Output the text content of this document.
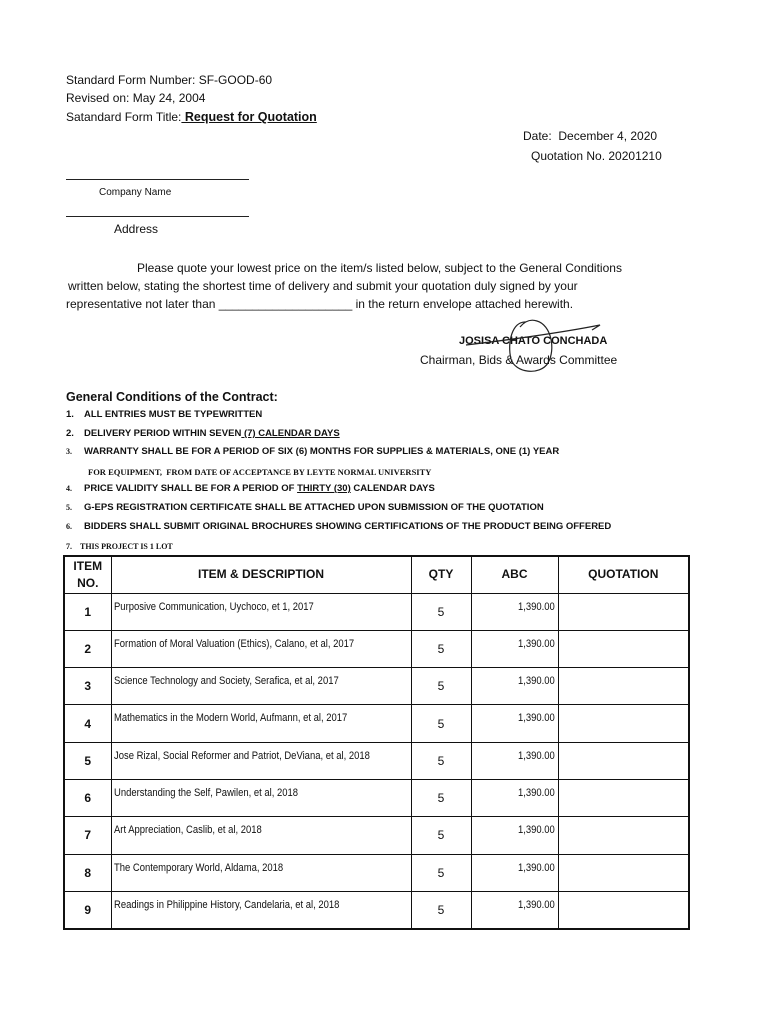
Standard Form Number: SF-GOOD-60
Revised on: May 24, 2004
Satandard Form Title: Request for Quotation
Date:  December 4, 2020
Quotation No. 20201210
Company Name
Address
Please quote your lowest price on the item/s listed below, subject to the General Conditions
written below, stating the shortest time of delivery and submit your quotation duly signed by your
representative not later than ____________________ in the return envelope attached herewith.
JOSISA CHATO CONCHADA
Chairman, Bids & Awards Committee
General Conditions of the Contract:
1. ALL ENTRIES MUST BE TYPEWRITTEN
2. DELIVERY PERIOD WITHIN SEVEN (7) CALENDAR DAYS
3. WARRANTY SHALL BE FOR A PERIOD OF SIX (6) MONTHS FOR SUPPLIES & MATERIALS, ONE (1) YEAR
FOR EQUIPMENT,  FROM DATE OF ACCEPTANCE BY LEYTE NORMAL UNIVERSITY
4. PRICE VALIDITY SHALL BE FOR A PERIOD OF THIRTY (30) CALENDAR DAYS
5. G-EPS REGISTRATION CERTIFICATE SHALL BE ATTACHED UPON SUBMISSION OF THE QUOTATION
6. BIDDERS SHALL SUBMIT ORIGINAL BROCHURES SHOWING CERTIFICATIONS OF THE PRODUCT BEING OFFERED
7. THIS PROJECT IS 1 LOT
ITEM
NO.	ITEM & DESCRIPTION	QTY	ABC	QUOTATION
1	Purposive Communication, Uychoco, et 1, 2017	5	1,390.00	
2	Formation of Moral Valuation (Ethics), Calano, et al, 2017	5	1,390.00	
3	Science Technology and Society, Serafica, et al, 2017	5	1,390.00	
4	Mathematics in the Modern World, Aufmann, et al, 2017	5	1,390.00	
5	Jose Rizal, Social Reformer and Patriot, DeViana, et al, 2018	5	1,390.00	
6	Understanding the Self, Pawilen, et al, 2018	5	1,390.00	
7	Art Appreciation, Caslib, et al, 2018	5	1,390.00	
8	The Contemporary World, Aldama, 2018	5	1,390.00	
9	Readings in Philippine History, Candelaria, et al, 2018	5	1,390.00	
